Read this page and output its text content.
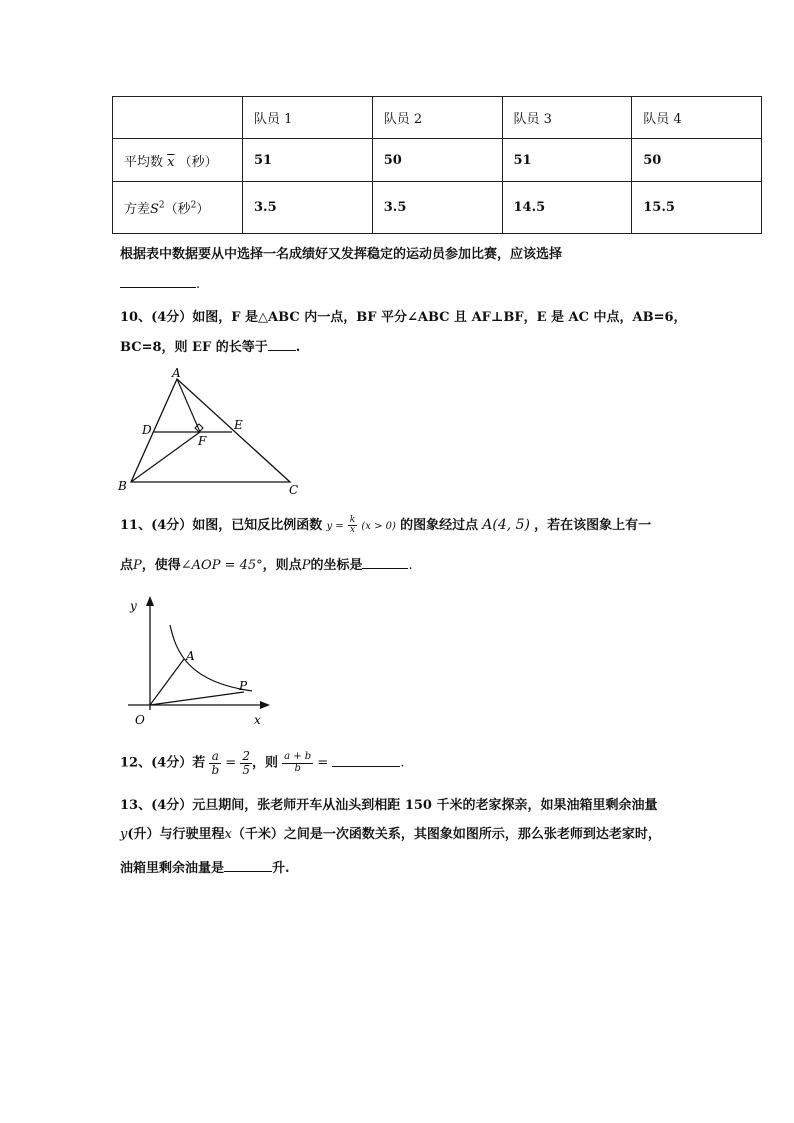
	队员 1	队员 2	队员 3	队员 4
平均数 $\overline{x}$ （秒）	51	50	51	50
方差$S^2$（秒$^2$）	3.5	3.5	14.5	15.5
根据表中数据要从中选择一名成绩好又发挥稳定的运动员参加比赛，应该选择
.
10、(4分）如图，F 是△ABC 内一点，BF 平分∠ABC 且 AF⊥BF，E 是 AC 中点，AB=6，
BC=8，则 EF 的长等于 .
A
B	C
D	E
F
11、(4分）如图，已知反比例函数 $y = \frac{k}{x} (x > 0)$ 的图象经过点 A(4, 5) ，若在该图象上有一
点P，使得∠AOP = 45°，则点P的坐标是	.
y
x
O
A
P
12、(4分）若 $\frac{a}{b} = \frac{2}{5}$ ，则 $\frac{a + b}{b}$ =	.
13、(4分）元旦期间，张老师开车从汕头到相距 150 千米的老家探亲，如果油箱里剩余油量
y(升）与行驶里程x（千米）之间是一次函数关系，其图象如图所示，那么张老师到达老家时，
油箱里剩余油量是	升.
